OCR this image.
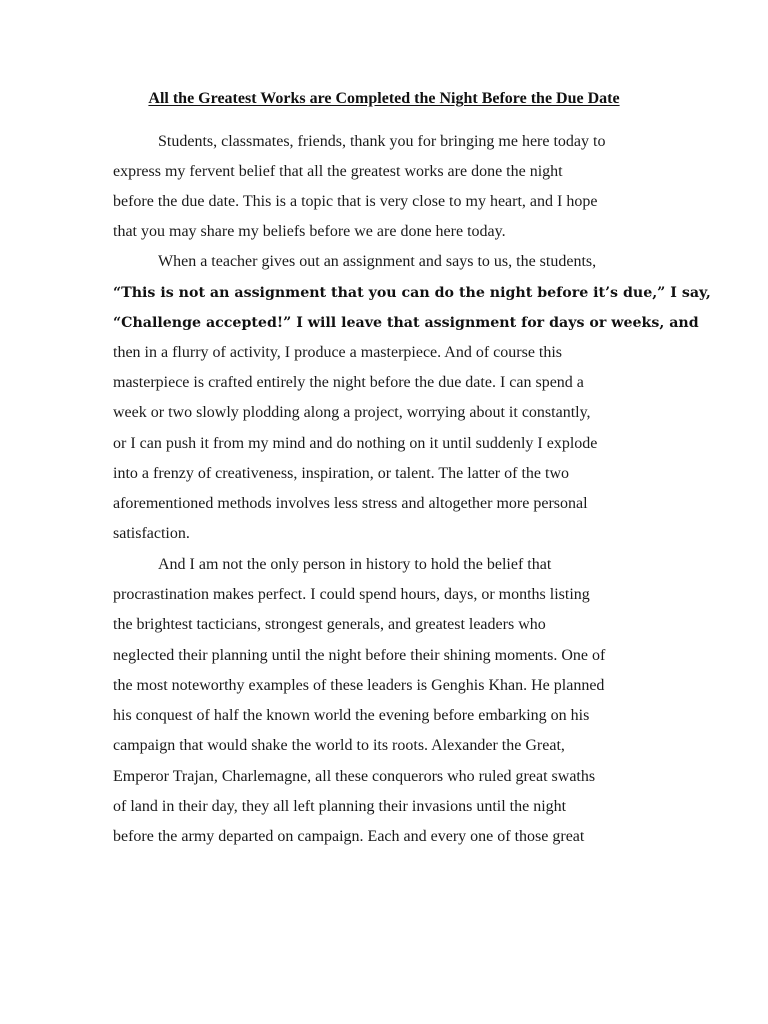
All the Greatest Works are Completed the Night Before the Due Date

Students, classmates, friends, thank you for bringing me here today to

express my fervent belief that all the greatest works are done the night

before the due date. This is a topic that is very close to my heart, and I hope

that you may share my beliefs before we are done here today.

When a teacher gives out an assignment and says to us, the students,

“This is not an assignment that you can do the night before it’s due,” I say,

“Challenge accepted!” I will leave that assignment for days or weeks, and

then in a flurry of activity, I produce a masterpiece. And of course this

masterpiece is crafted entirely the night before the due date. I can spend a

week or two slowly plodding along a project, worrying about it constantly,

or I can push it from my mind and do nothing on it until suddenly I explode

into a frenzy of creativeness, inspiration, or talent. The latter of the two

aforementioned methods involves less stress and altogether more personal

satisfaction.

And I am not the only person in history to hold the belief that

procrastination makes perfect. I could spend hours, days, or months listing

the brightest tacticians, strongest generals, and greatest leaders who

neglected their planning until the night before their shining moments. One of

the most noteworthy examples of these leaders is Genghis Khan. He planned

his conquest of half the known world the evening before embarking on his

campaign that would shake the world to its roots. Alexander the Great,

Emperor Trajan, Charlemagne, all these conquerors who ruled great swaths

of land in their day, they all left planning their invasions until the night

before the army departed on campaign. Each and every one of those great
